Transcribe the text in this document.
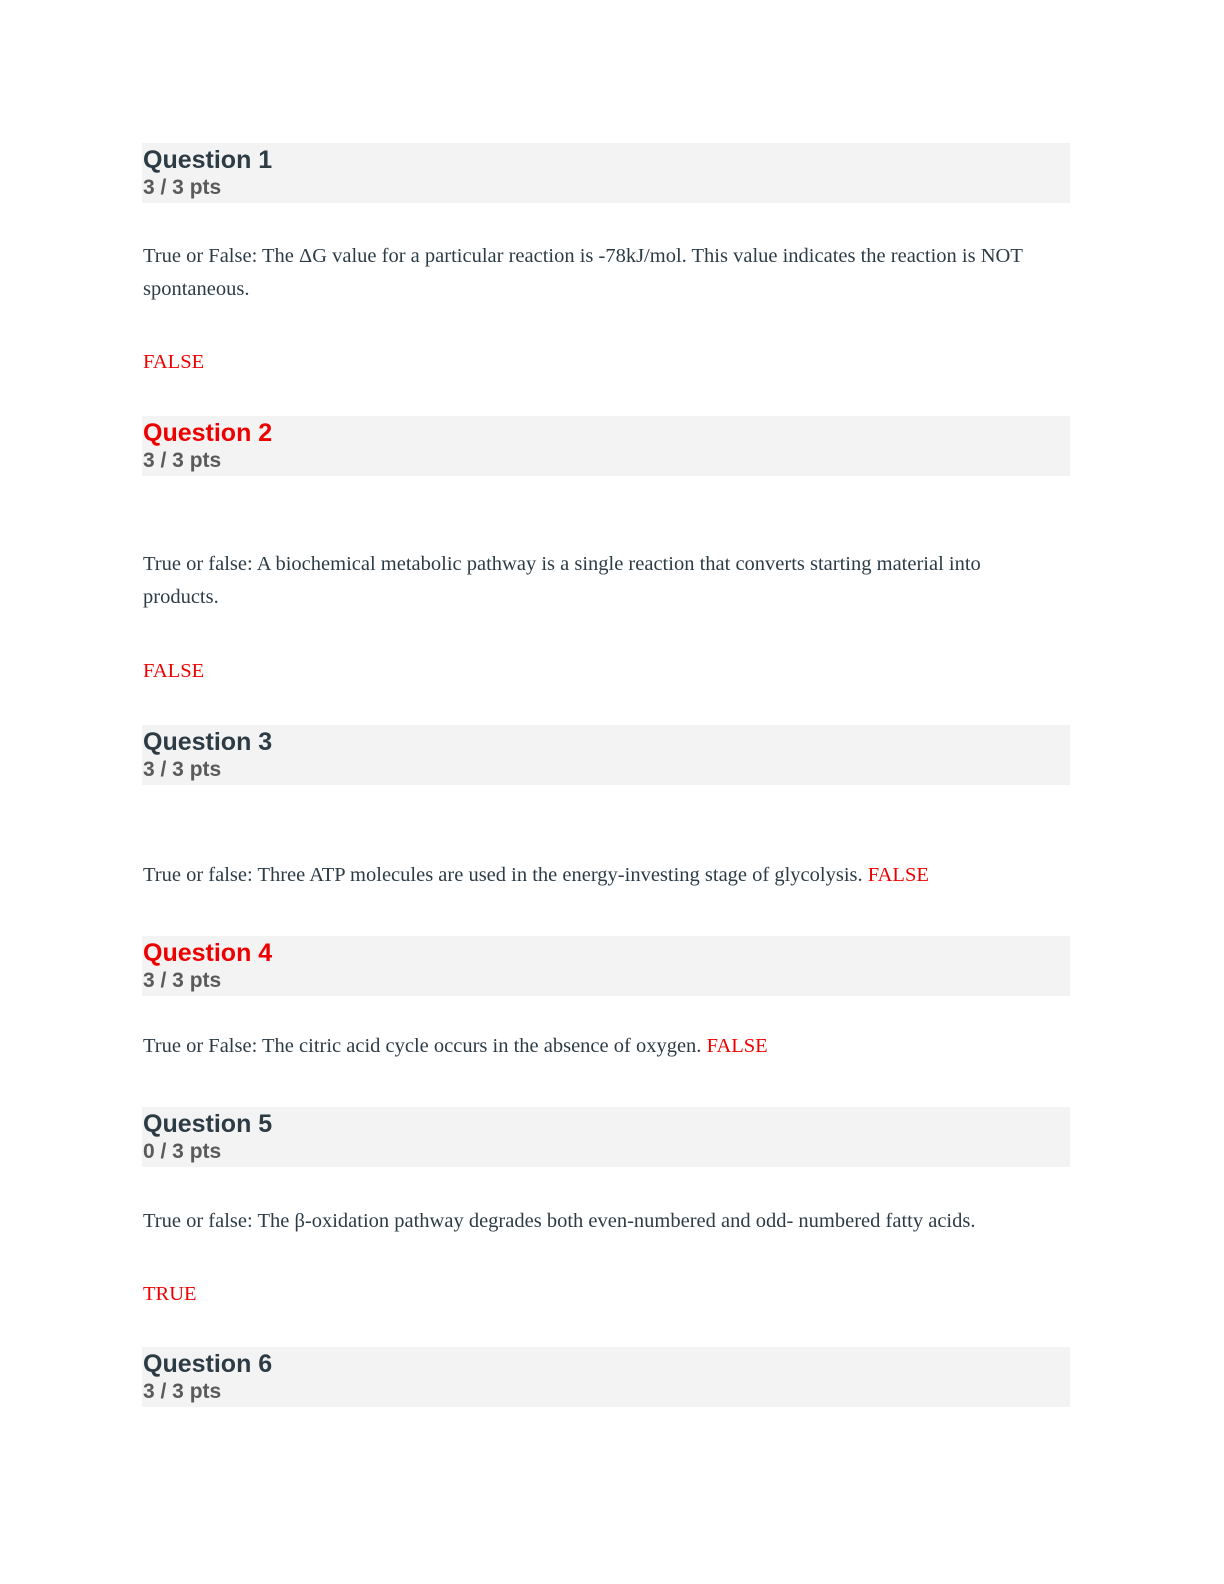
Question 1
3 / 3 pts
True or False: The ΔG value for a particular reaction is -78kJ/mol. This value indicates the reaction is NOT spontaneous.
FALSE
Question 2
3 / 3 pts
True or false: A biochemical metabolic pathway is a single reaction that converts starting material into products.
FALSE
Question 3
3 / 3 pts
True or false: Three ATP molecules are used in the energy-investing stage of glycolysis. FALSE
Question 4
3 / 3 pts
True or False: The citric acid cycle occurs in the absence of oxygen. FALSE
Question 5
0 / 3 pts
True or false: The β-oxidation pathway degrades both even-numbered and odd- numbered fatty acids.
TRUE
Question 6
3 / 3 pts
